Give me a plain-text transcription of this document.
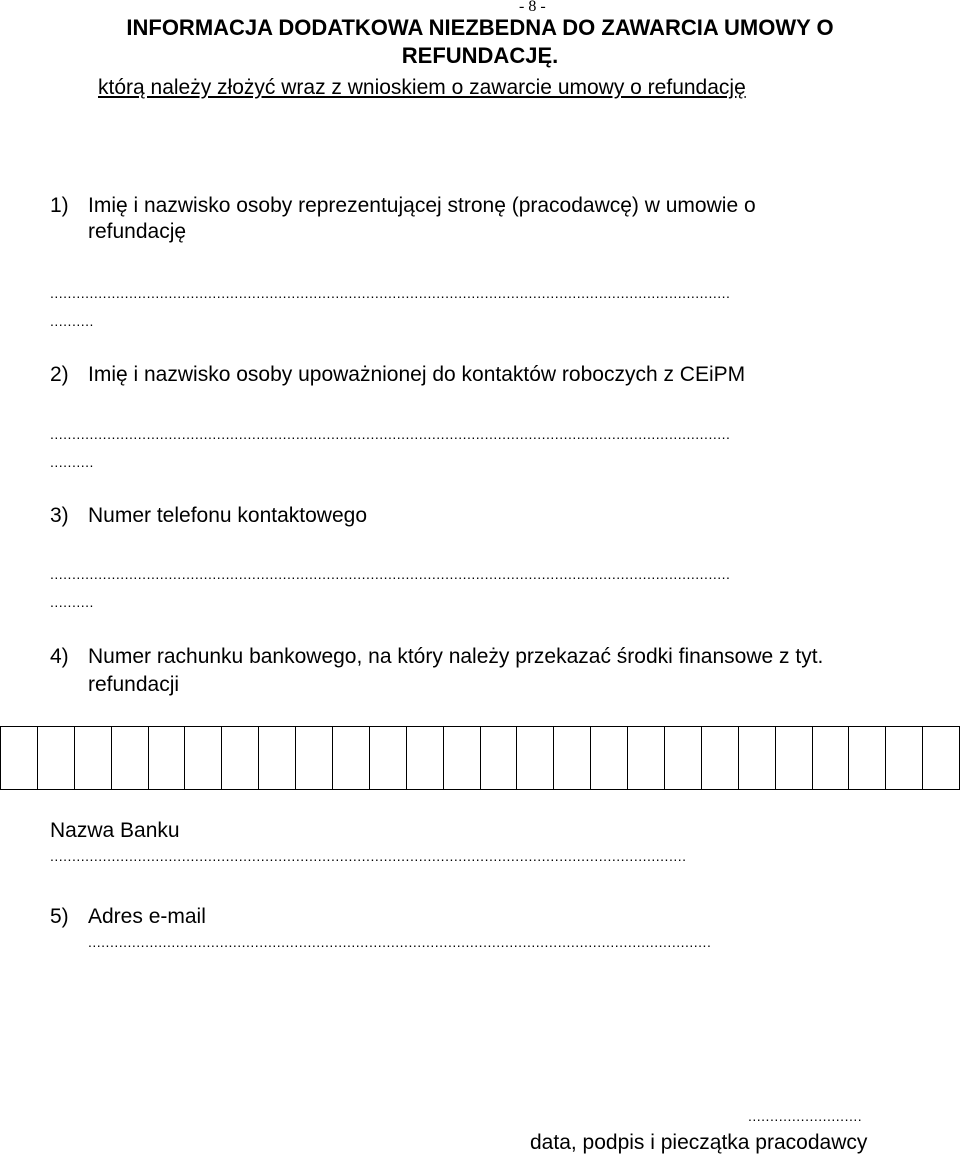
- 8 -
INFORMACJA DODATKOWA NIEZBEDNA DO ZAWARCIA UMOWY O
REFUNDACJĘ.
którą należy złożyć wraz z wnioskiem o zawarcie umowy o refundację
1) Imię i nazwisko osoby reprezentującej stronę (pracodawcę) w umowie o
refundację
...........................................................................................................................................................
..........
2) Imię i nazwisko osoby upoważnionej do kontaktów roboczych z CEiPM
...........................................................................................................................................................
..........
3) Numer telefonu kontaktowego
...........................................................................................................................................................
..........
4) Numer rachunku bankowego, na który należy przekazać środki finansowe z tyt.
refundacji
Nazwa Banku
.................................................................................................................................................
5) Adres e-mail
..............................................................................................................................................
..........................
data, podpis i pieczątka pracodawcy
